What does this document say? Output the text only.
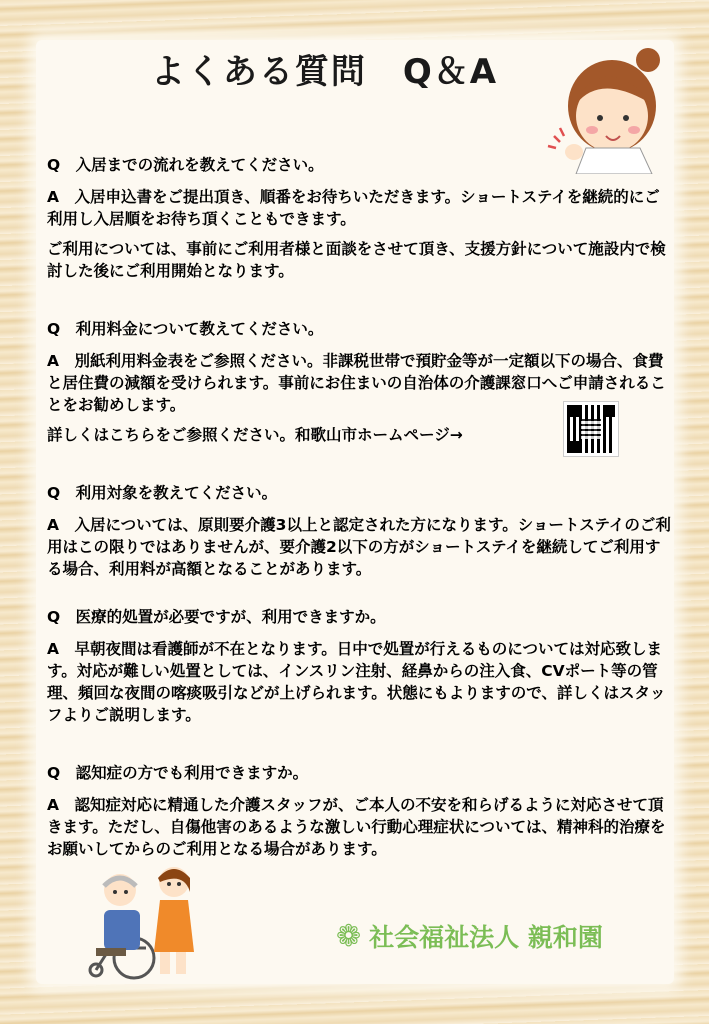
よくある質問　Q＆A

Q　入居までの流れを教えてください。

A　入居申込書をご提出頂き、順番をお待ちいただきます。ショートステイを継続的にご利用し入居順をお待ち頂くこともできます。

ご利用については、事前にご利用者様と面談をさせて頂き、支援方針について施設内で検討した後にご利用開始となります。

Q　利用料金について教えてください。

A　別紙利用料金表をご参照ください。非課税世帯で預貯金等が一定額以下の場合、食費と居住費の減額を受けられます。事前にお住まいの自治体の介護課窓口へご申請されることをお勧めします。

詳しくはこちらをご参照ください。和歌山市ホームページ→

Q　利用対象を教えてください。

A　入居については、原則要介護3以上と認定された方になります。ショートステイのご利用はこの限りではありませんが、要介護2以下の方がショートステイを継続してご利用する場合、利用料が高額となることがあります。

Q　医療的処置が必要ですが、利用できますか。

A　早朝夜間は看護師が不在となります。日中で処置が行えるものについては対応致します。対応が難しい処置としては、インスリン注射、経鼻からの注入食、CVポート等の管理、頻回な夜間の喀痰吸引などが上げられます。状態にもよりますので、詳しくはスタッフよりご説明します。

Q　認知症の方でも利用できますか。

A　認知症対応に精通した介護スタッフが、ご本人の不安を和らげるように対応させて頂きます。ただし、自傷他害のあるような激しい行動心理症状については、精神科的治療をお願いしてからのご利用となる場合があります。

❁ 社会福祉法人 親和園
